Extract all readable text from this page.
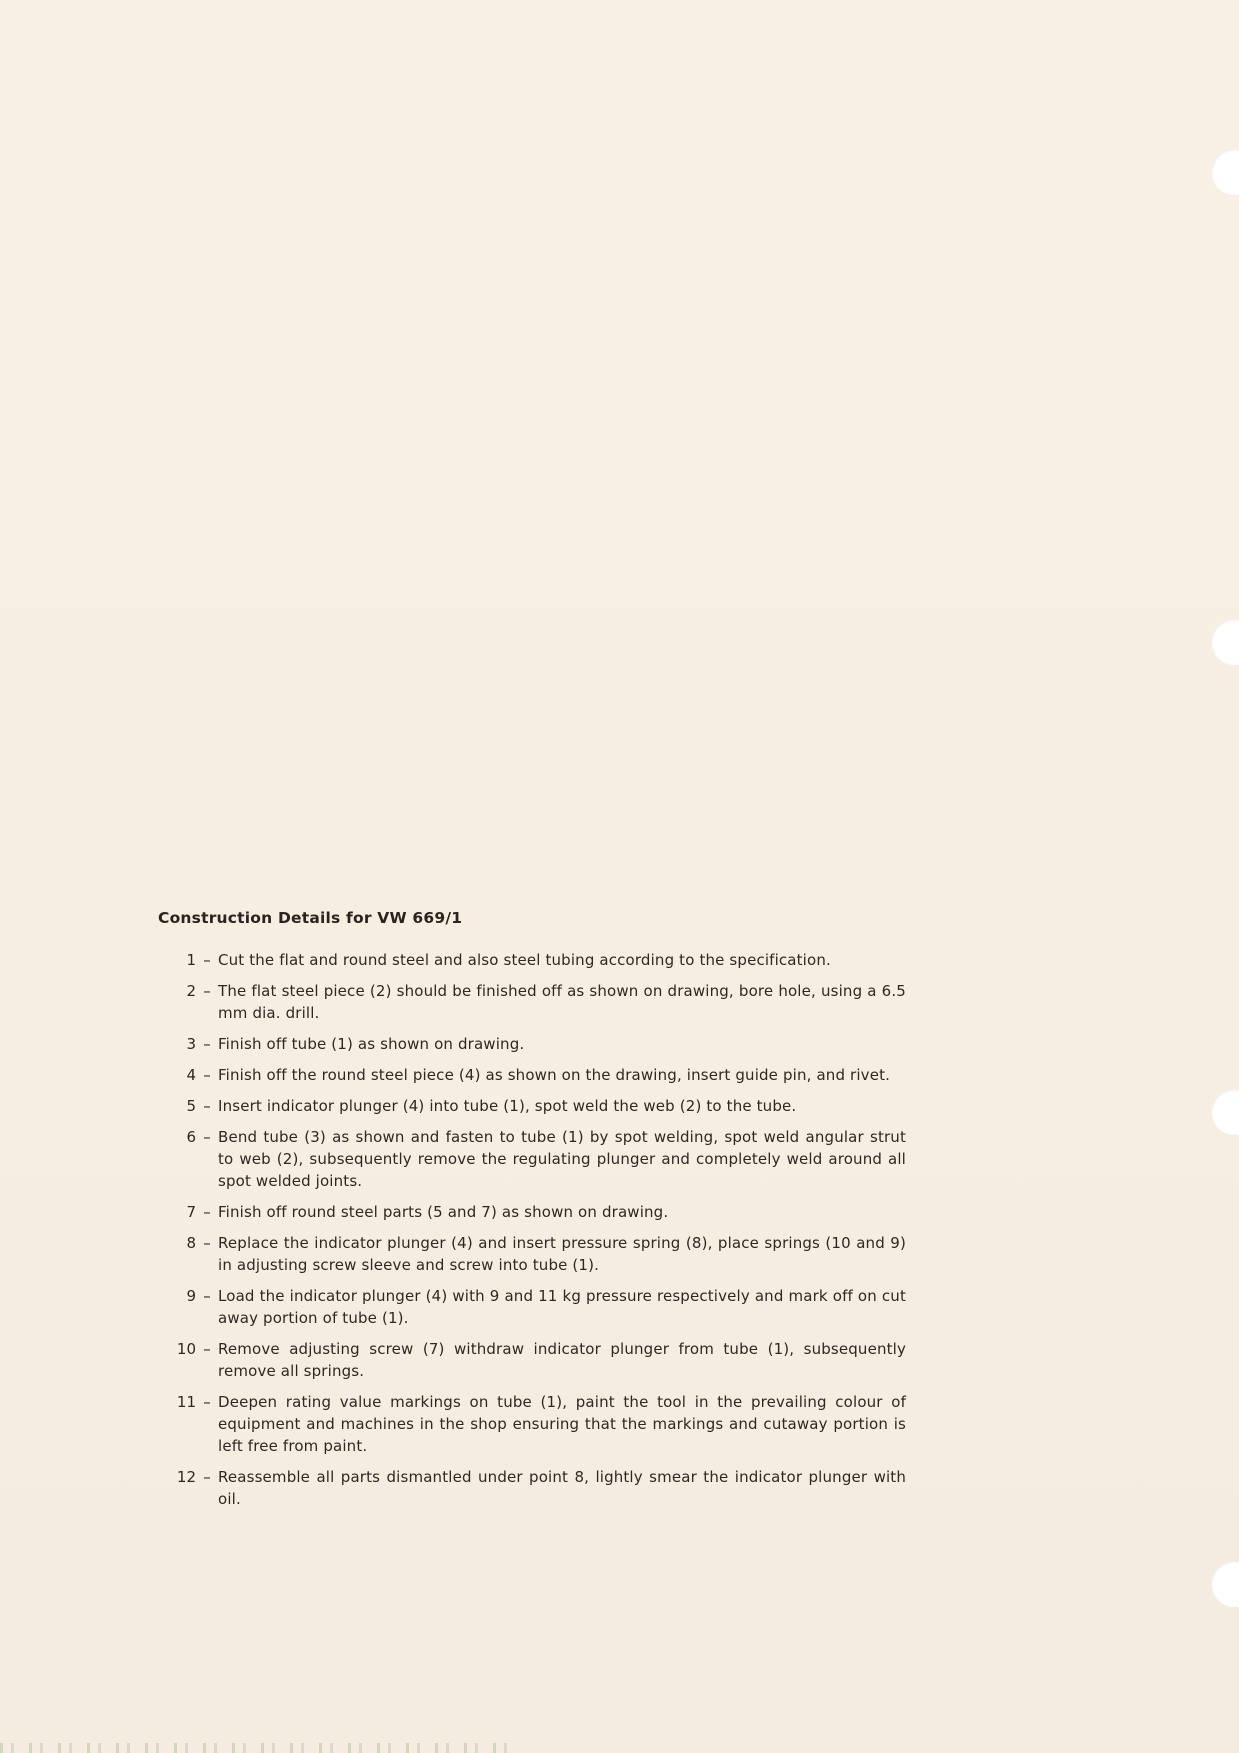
Construction Details for VW 669/1
1 – Cut the flat and round steel and also steel tubing according to the specification.
2 – The flat steel piece (2) should be finished off as shown on drawing, bore hole, using a 6.5 mm dia. drill.
3 – Finish off tube (1) as shown on drawing.
4 – Finish off the round steel piece (4) as shown on the drawing, insert guide pin, and rivet.
5 – Insert indicator plunger (4) into tube (1), spot weld the web (2) to the tube.
6 – Bend tube (3) as shown and fasten to tube (1) by spot welding, spot weld angular strut to web (2), subsequently remove the regulating plunger and completely weld around all spot welded joints.
7 – Finish off round steel parts (5 and 7) as shown on drawing.
8 – Replace the indicator plunger (4) and insert pressure spring (8), place springs (10 and 9) in adjusting screw sleeve and screw into tube (1).
9 – Load the indicator plunger (4) with 9 and 11 kg pressure respectively and mark off on cut away portion of tube (1).
10 – Remove adjusting screw (7) withdraw indicator plunger from tube (1), subsequently remove all springs.
11 – Deepen rating value markings on tube (1), paint the tool in the prevailing colour of equipment and machines in the shop ensuring that the markings and cutaway portion is left free from paint.
12 – Reassemble all parts dismantled under point 8, lightly smear the indicator plunger with oil.
